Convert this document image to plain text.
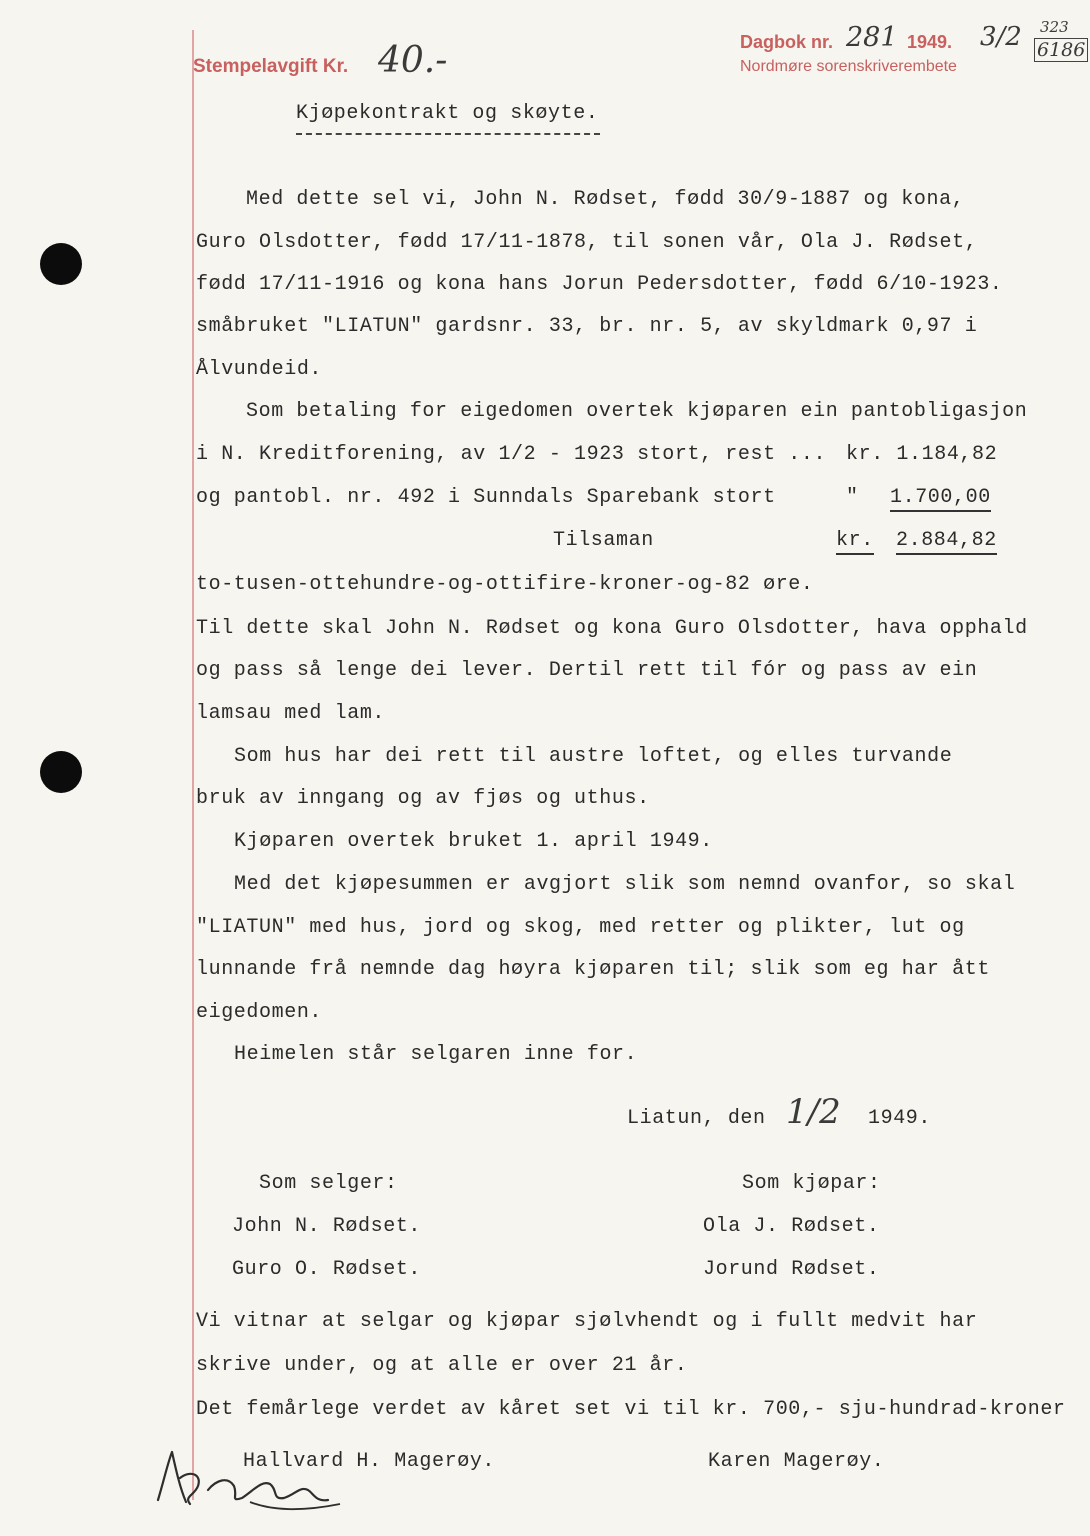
Stempelavgift Kr. 40.-	Dagbok nr. 281 1949. 3/2 323
6186
Nordmøre sorenskriverembete
Kjøpekontrakt og skøyte.
Med dette sel vi, John N. Rødset, fødd 30/9-1887 og kona,
Guro Olsdotter, fødd 17/11-1878, til sonen vår, Ola J. Rødset,
fødd 17/11-1916 og kona hans Jorun Pedersdotter, fødd 6/10-1923.
småbruket "LIATUN" gardsnr. 33, br. nr. 5, av skyldmark 0,97 i
Ålvundeid.
Som betaling for eigedomen overtek kjøparen ein pantobligasjon
i N. Kreditforening, av 1/2 - 1923 stort, rest ... kr. 1.184,82
og pantobl. nr. 492 i Sunndals Sparebank stort	" 1.700,00
Tilsaman	kr. 2.884,82
to-tusen-ottehundre-og-ottifire-kroner-og-82 øre.
Til dette skal John N. Rødset og kona Guro Olsdotter, hava opphald
og pass så lenge dei lever. Dertil rett til fór og pass av ein
lamsau med lam.
Som hus har dei rett til austre loftet, og elles turvande
bruk av inngang og av fjøs og uthus.
Kjøparen overtek bruket 1. april 1949.
Med det kjøpesummen er avgjort slik som nemnd ovanfor, so skal
"LIATUN" med hus, jord og skog, med retter og plikter, lut og
lunnande frå nemnde dag høyra kjøparen til; slik som eg har ått
eigedomen.
Heimelen står selgaren inne for.
Liatun, den 1/2 1949.
Som selger:	Som kjøpar:
John N. Rødset.	Ola J. Rødset.
Guro O. Rødset.	Jorund Rødset.
Vi vitnar at selgar og kjøpar sjølvhendt og i fullt medvit har
skrive under, og at alle er over 21 år.
Det femårlege verdet av kåret set vi til kr. 700,- sju-hundrad-kroner
Hallvard H. Magerøy.	Karen Magerøy.
